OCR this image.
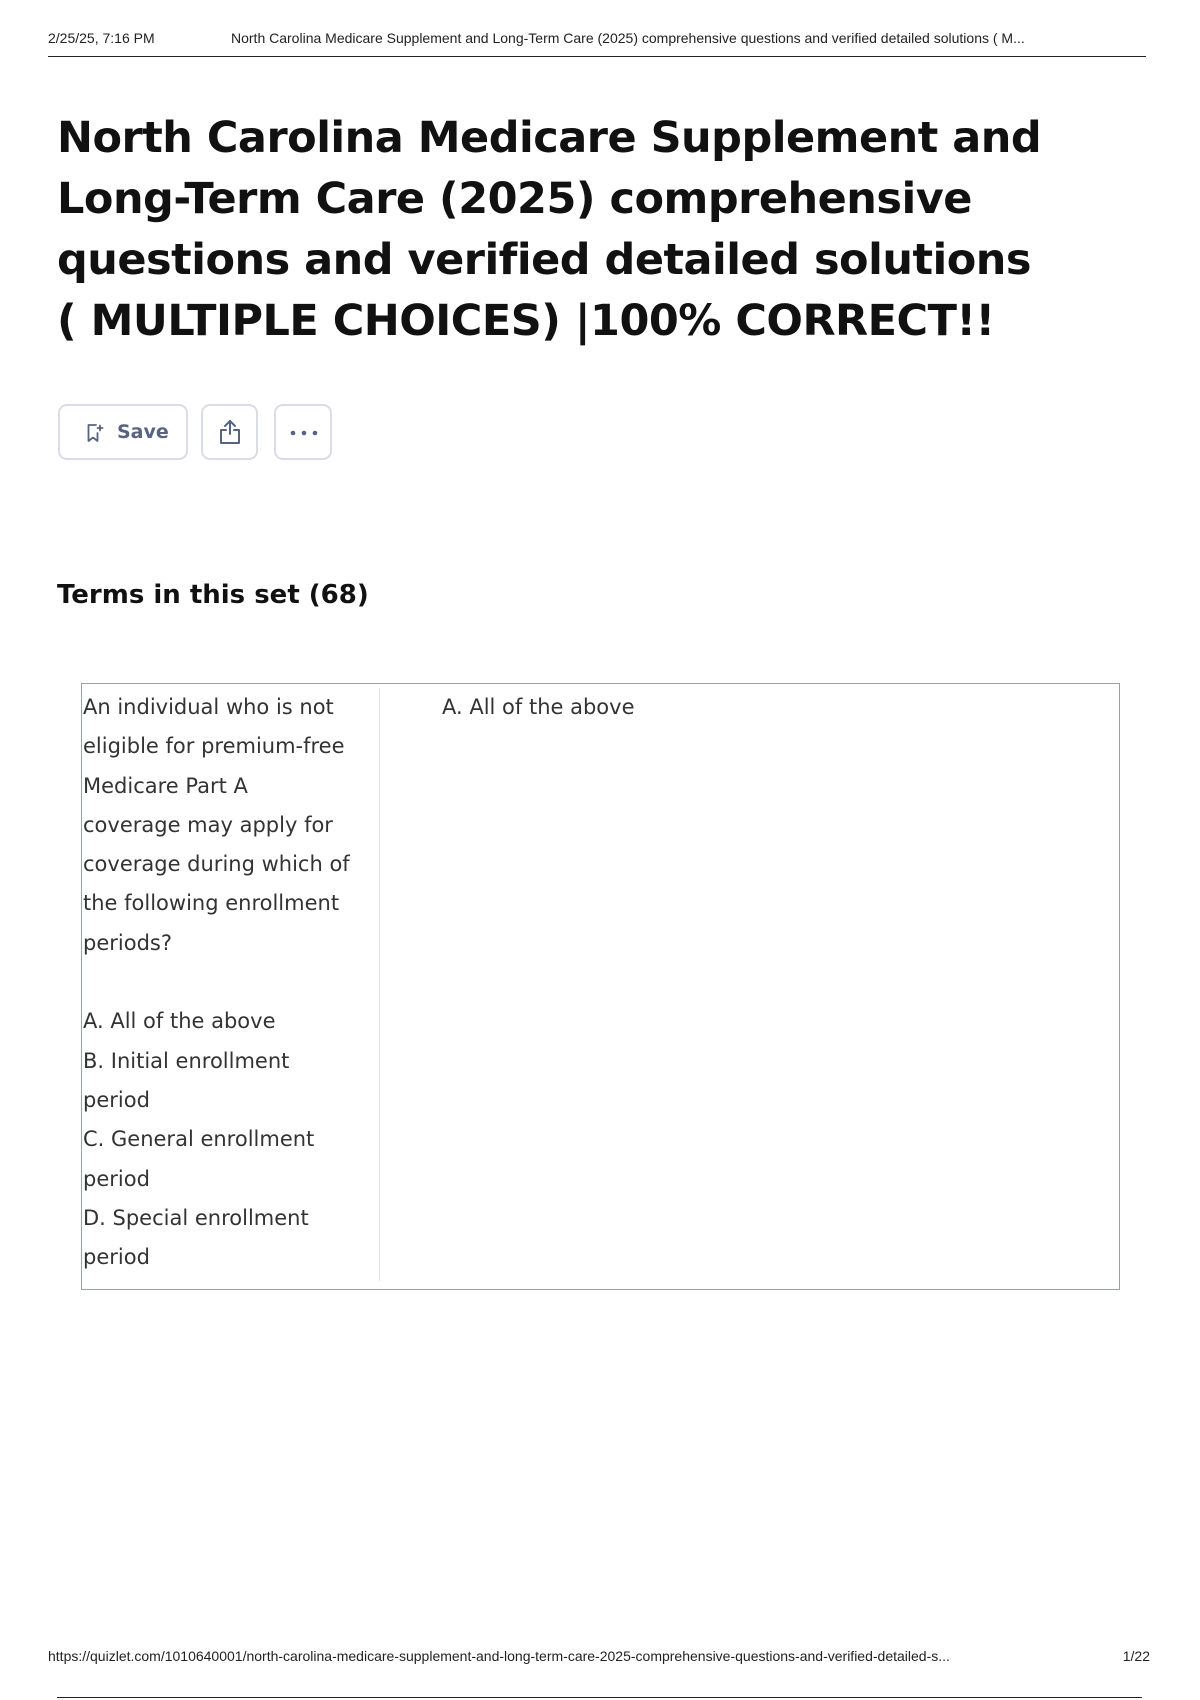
2/25/25, 7:16 PM	North Carolina Medicare Supplement and Long-Term Care (2025) comprehensive questions and verified detailed solutions ( M...
North Carolina Medicare Supplement and Long-Term Care (2025) comprehensive questions and verified detailed solutions ( MULTIPLE CHOICES) |100% CORRECT!!
Save
Terms in this set (68)
An individual who is not
eligible for premium-free
Medicare Part A
coverage may apply for
coverage during which of
the following enrollment
periods?
A. All of the above
B. Initial enrollment
period
C. General enrollment
period
D. Special enrollment
period
A. All of the above
https://quizlet.com/1010640001/north-carolina-medicare-supplement-and-long-term-care-2025-comprehensive-questions-and-verified-detailed-s...	1/22
